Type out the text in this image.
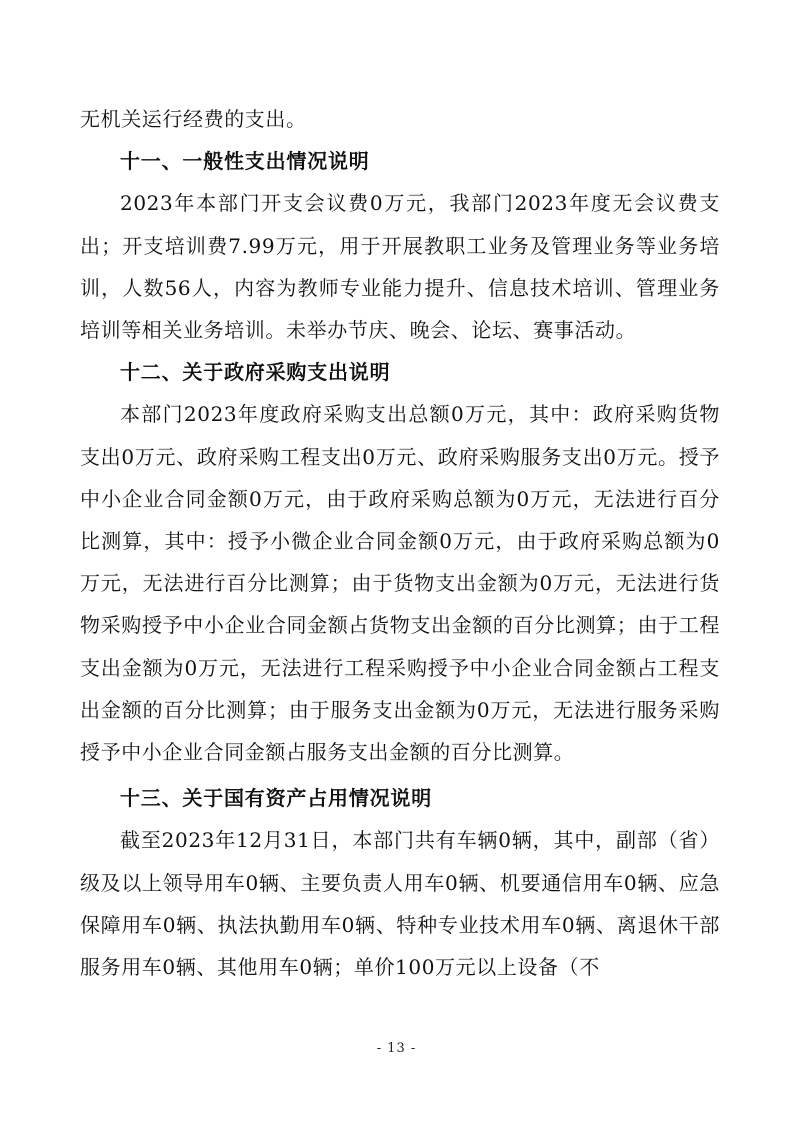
无机关运行经费的支出。

十一、一般性支出情况说明

2023年本部门开支会议费0万元，我部门2023年度无会议费支出；开支培训费7.99万元，用于开展教职工业务及管理业务等业务培训，人数56人，内容为教师专业能力提升、信息技术培训、管理业务培训等相关业务培训。未举办节庆、晚会、论坛、赛事活动。

十二、关于政府采购支出说明

本部门2023年度政府采购支出总额0万元，其中：政府采购货物支出0万元、政府采购工程支出0万元、政府采购服务支出0万元。授予中小企业合同金额0万元，由于政府采购总额为0万元，无法进行百分比测算，其中：授予小微企业合同金额0万元，由于政府采购总额为0万元，无法进行百分比测算；由于货物支出金额为0万元，无法进行货物采购授予中小企业合同金额占货物支出金额的百分比测算；由于工程支出金额为0万元，无法进行工程采购授予中小企业合同金额占工程支出金额的百分比测算；由于服务支出金额为0万元，无法进行服务采购授予中小企业合同金额占服务支出金额的百分比测算。

十三、关于国有资产占用情况说明

截至2023年12月31日，本部门共有车辆0辆，其中，副部（省）级及以上领导用车0辆、主要负责人用车0辆、机要通信用车0辆、应急保障用车0辆、执法执勤用车0辆、特种专业技术用车0辆、离退休干部服务用车0辆、其他用车0辆；单价100万元以上设备（不

- 13 -
